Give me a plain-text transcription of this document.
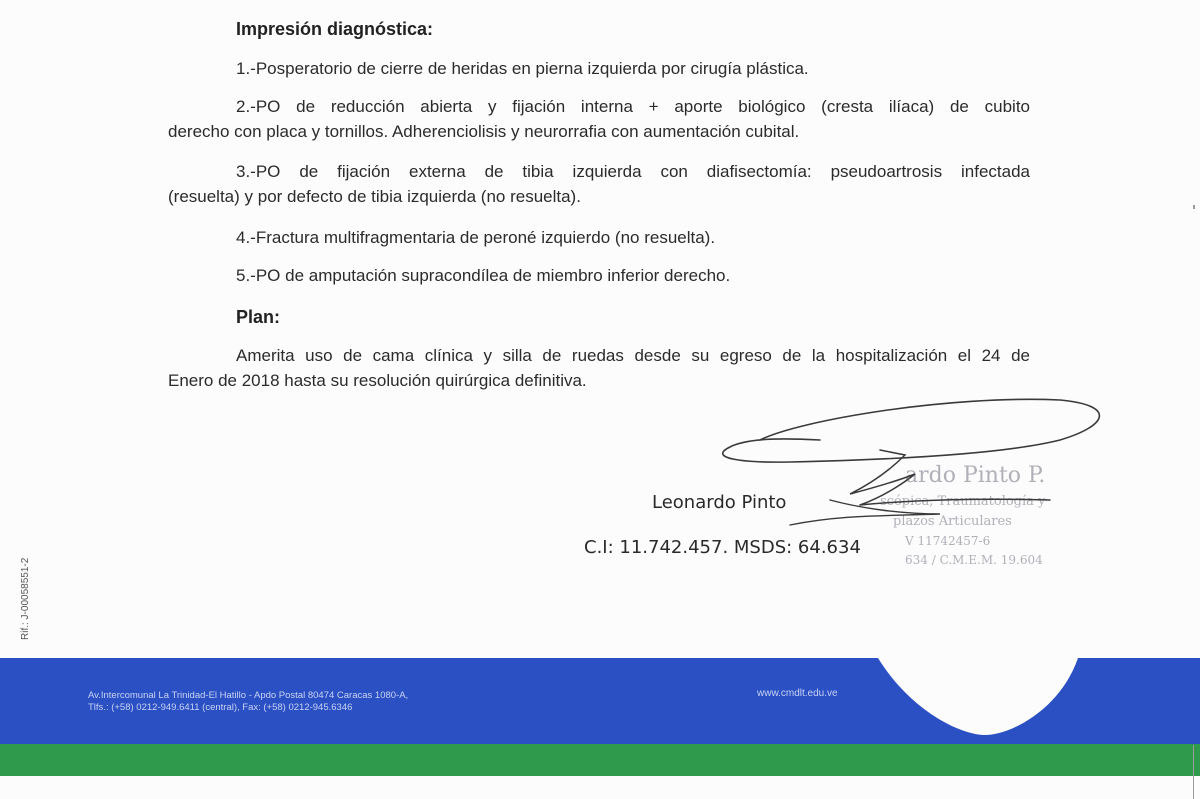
Impresión diagnóstica:
1.-Posperatorio de cierre de heridas en pierna izquierda por cirugía plástica.
2.-PO de reducción abierta y fijación interna + aporte biológico (cresta ilíaca) de cubito
derecho con placa y tornillos. Adherenciolisis y neurorrafia con aumentación cubital.
3.-PO de fijación externa de tibia izquierda con diafisectomía: pseudoartrosis infectada
(resuelta) y por defecto de tibia izquierda (no resuelta).
4.-Fractura multifragmentaria de peroné izquierdo (no resuelta).
5.-PO de amputación supracondílea de miembro inferior derecho.
Plan:
Amerita uso de cama clínica y silla de ruedas desde su egreso de la hospitalización el 24 de
Enero de 2018 hasta su resolución quirúrgica definitiva.
ardo Pinto P.
scópica, Traumatología y
plazos Articulares
V 11742457-6
634 / C.M.E.M. 19.604
Leonardo Pinto
C.I: 11.742.457. MSDS: 64.634
Rif.: J-00058551-2
Av.Intercomunal La Trinidad-El Hatillo - Apdo Postal 80474 Caracas 1080-A,
Tlfs.: (+58) 0212-949.6411 (central), Fax: (+58) 0212-945.6346
www.cmdlt.edu.ve
